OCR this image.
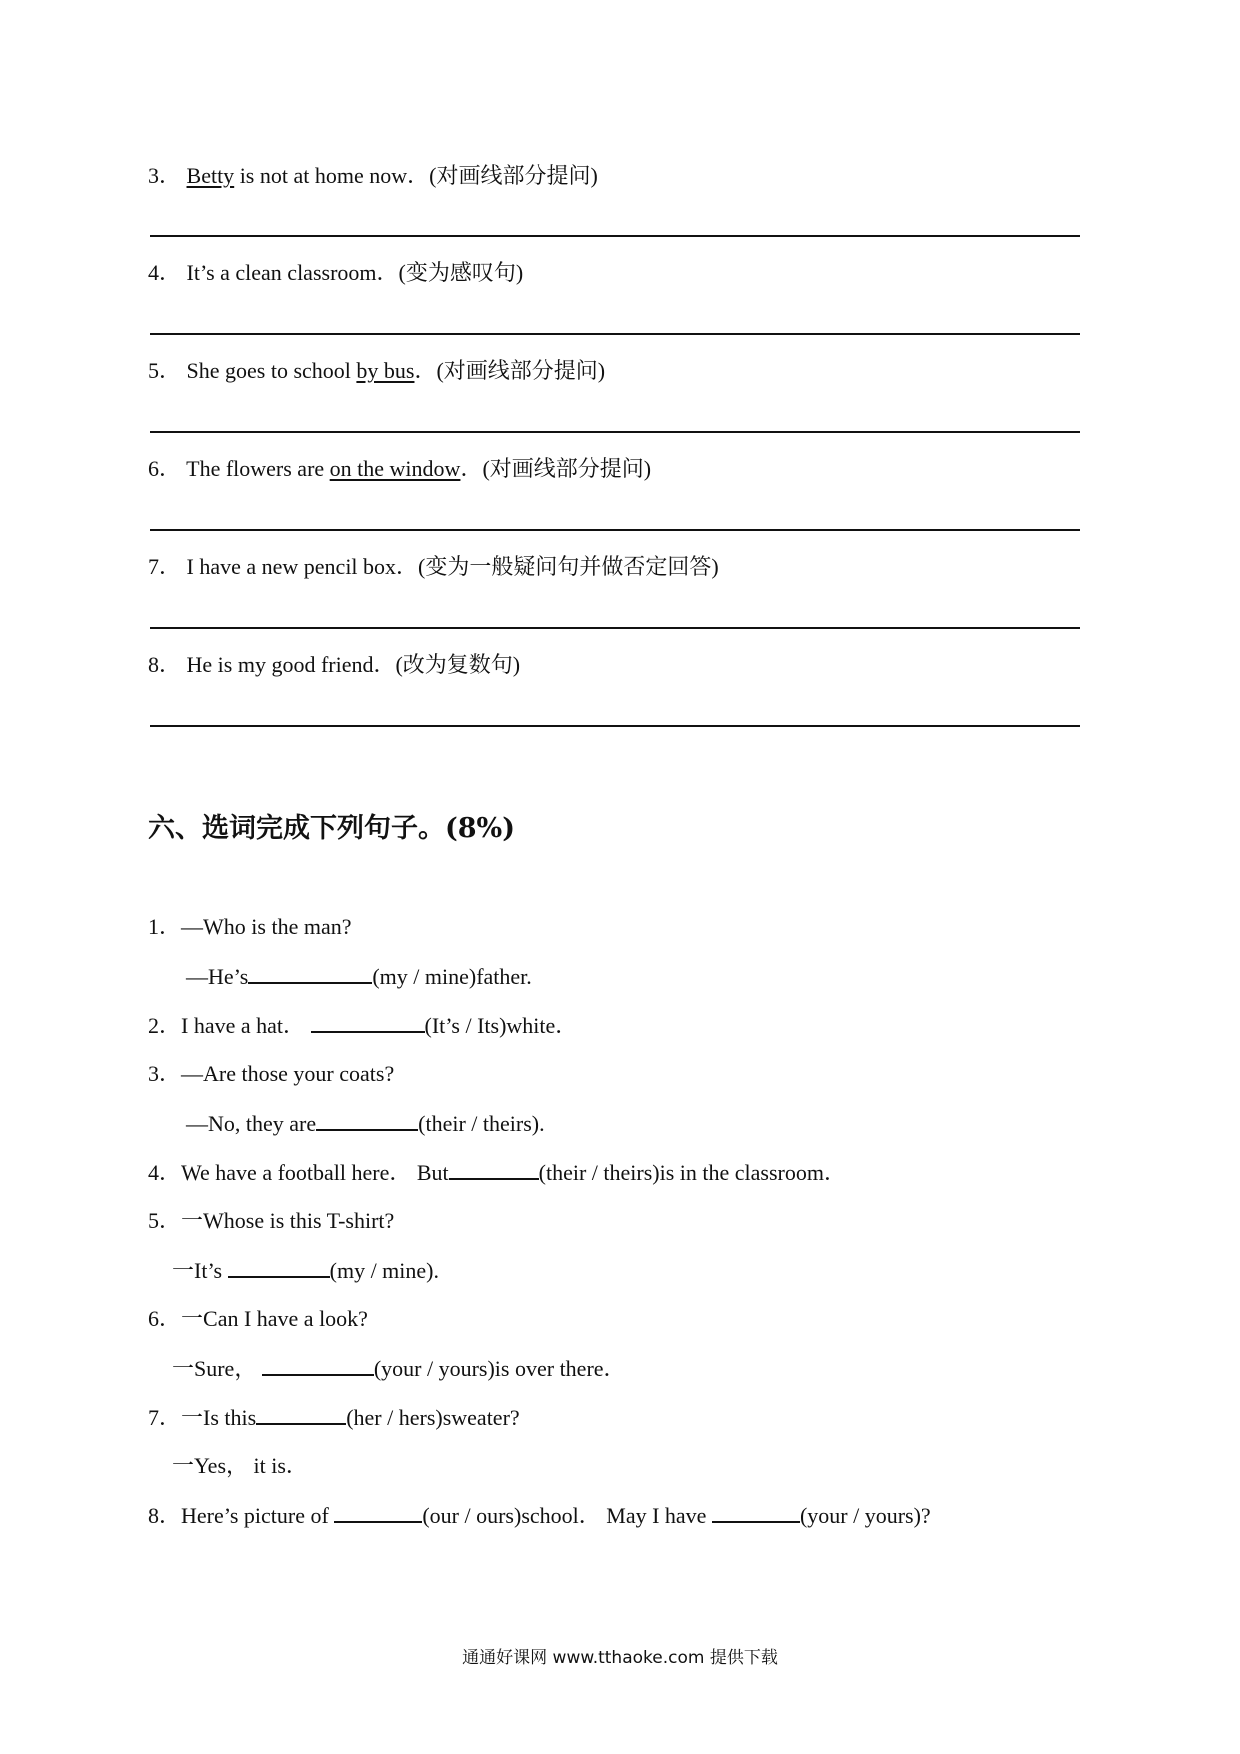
3． Betty is not at home now．(对画线部分提问)
4． It’s a clean classroom．(变为感叹句)
5． She goes to school by bus．(对画线部分提问)
6． The flowers are on the window．(对画线部分提问)
7． I have a new pencil box．(变为一般疑问句并做否定回答)
8． He is my good friend．(改为复数句)
六、选词完成下列句子。(8%)
1．—Who is the man?
—He’s	(my / mine)father.
2．I have a hat．	(It’s / Its)white．
3．—Are those your coats?
—No, they are	(their / theirs).
4．We have a football here． But	(their / theirs)is in the classroom．
5．一Whose is this T-shirt?
一It’s	(my / mine).
6．一Can I have a look?
一Sure，	(your / yours)is over there．
7．一Is this	(her / hers)sweater?
一Yes， it is．
8．Here’s picture of	(our / ours)school． May I have	(your / yours)?
通通好课网 www.tthaoke.com 提供下载
